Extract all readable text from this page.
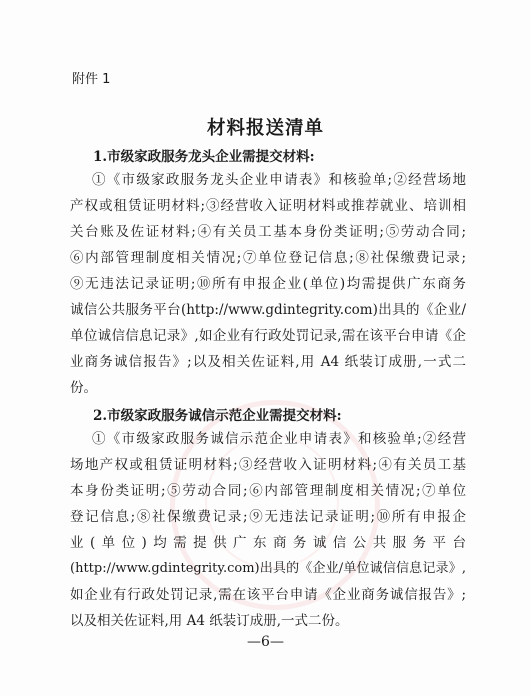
附件 1

材料报送清单

1.市级家政服务龙头企业需提交材料:

①《市级家政服务龙头企业申请表》和核验单;②经营场地

产权或租赁证明材料;③经营收入证明材料或推荐就业、培训相

关台账及佐证材料;④有关员工基本身份类证明;⑤劳动合同;

⑥内部管理制度相关情况;⑦单位登记信息;⑧社保缴费记录;

⑨无违法记录证明;⑩所有申报企业(单位)均需提供广东商务

诚信公共服务平台(http://www.gdintegrity.com)出具的《企业/

单位诚信信息记录》,如企业有行政处罚记录,需在该平台申请《企

业商务诚信报告》;以及相关佐证料,用 A4 纸装订成册,一式二

份。

2.市级家政服务诚信示范企业需提交材料:

①《市级家政服务诚信示范企业申请表》和核验单;②经营

场地产权或租赁证明材料;③经营收入证明材料;④有关员工基

本身份类证明;⑤劳动合同;⑥内部管理制度相关情况;⑦单位

登记信息;⑧社保缴费记录;⑨无违法记录证明;⑩所有申报企

业(单位)均需提供广东商务诚信公共服务平台

(http://www.gdintegrity.com)出具的《企业/单位诚信信息记录》,

如企业有行政处罚记录,需在该平台申请《企业商务诚信报告》;

以及相关佐证料,用 A4 纸装订成册,一式二份。

—6—
